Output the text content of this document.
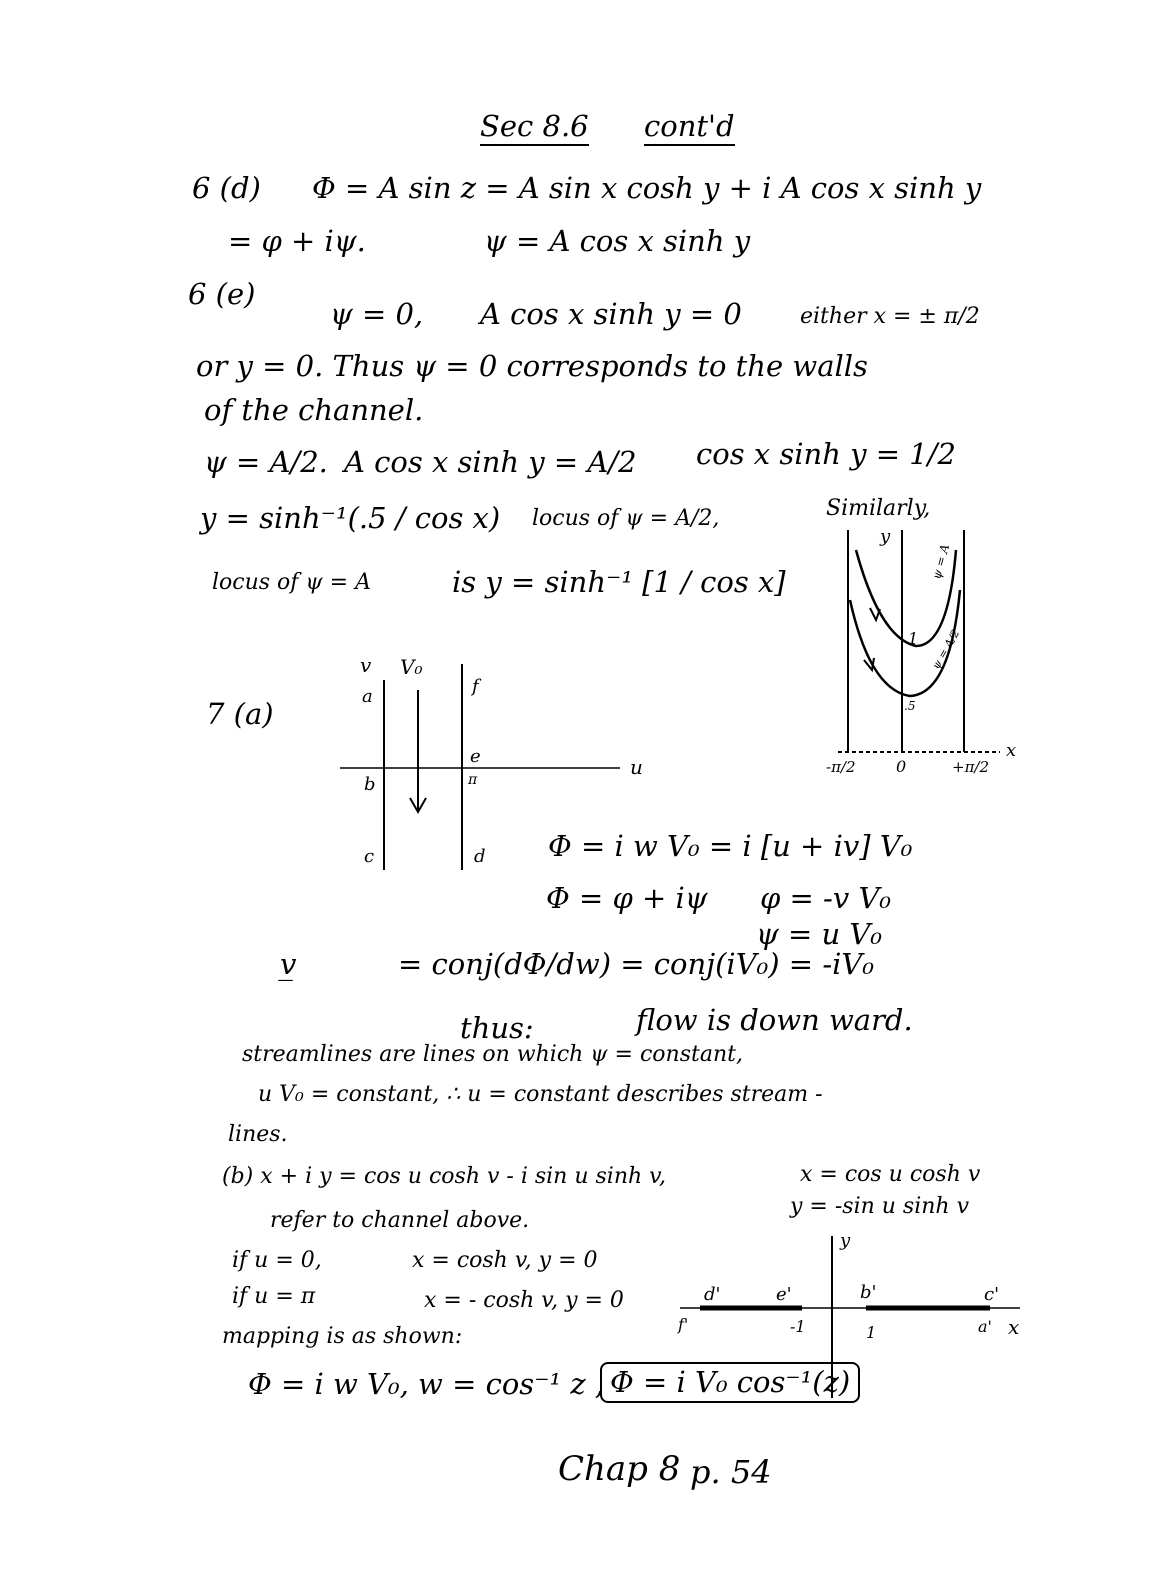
Sec 8.6 cont'd
6 (d) Φ = A sin z = A sin x cosh y + i A cos x sinh y
= φ + iψ.	ψ = A cos x sinh y
6 (e)
ψ = 0, A cos x sinh y = 0	either x = ± π/2
or y = 0. Thus ψ = 0 corresponds to the walls
of the channel.
ψ = A/2. A cos x sinh y = A/2 cos x sinh y = 1/2
y = sinh⁻¹(.5 / cos x) locus of ψ = A/2,
locus of ψ = A	is y = sinh⁻¹ [1 / cos x]
Similarly,
y
x
1
.5
ψ = A
ψ = A/2
-π/2	0	+π/2
7 (a)
v V₀
u
a
b
c	d
e
f
π
Φ = i w V₀ = i [u + iv] V₀
Φ = φ + iψ φ = -v V₀
ψ = u V₀
v̲	= conj(dΦ/dw) = conj(iV₀) = -iV₀
thus:	flow is down ward.
streamlines are lines on which ψ = constant,
u V₀ = constant, ∴ u = constant describes stream -
lines.
(b) x + i y = cos u cosh v - i sin u sinh v,	x = cos u cosh v
y = -sin u sinh v
refer to channel above.
if u = 0,	x = cosh v, y = 0
if u = π	x = - cosh v, y = 0
mapping is as shown:
Φ = i w V₀, w = cos⁻¹ z , Φ = i V₀ cos⁻¹(z)
y
x
d'	e'
f'
b'	c'
a'
-1	1
Chap 8 p. 54
